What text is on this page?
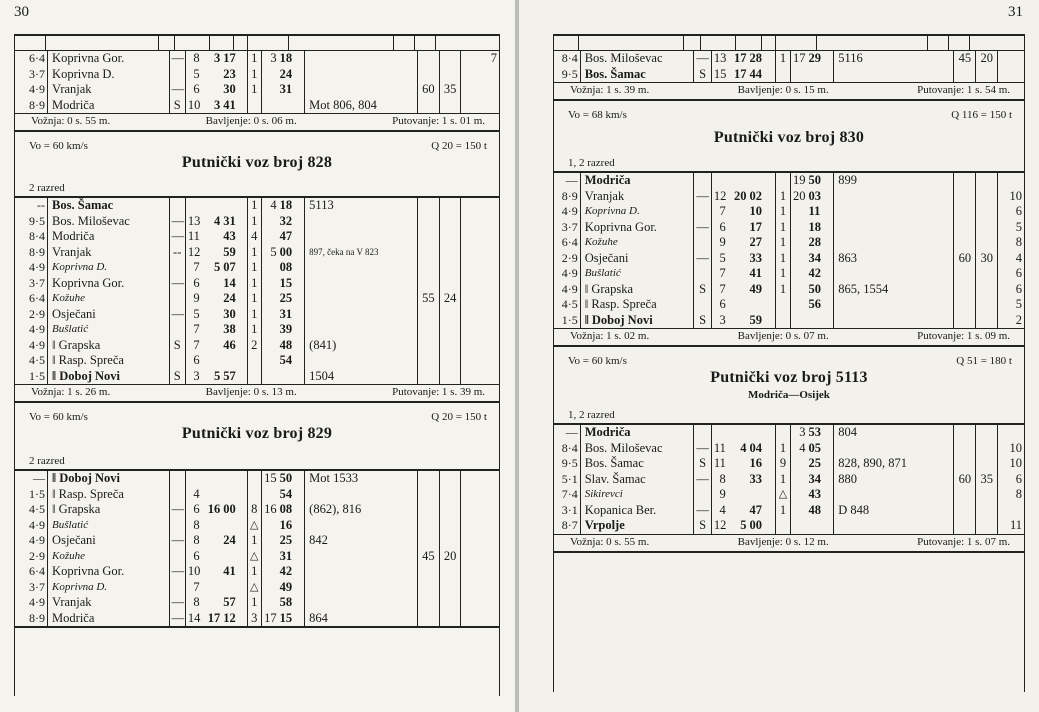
30
6·4	Koprivna Gor.	—	8	3	17	1	3	18				7
3·7	Koprivna D.		5		23	1		24				
4·9	Vranjak	—	6		30	1		31		60	35	
8·9	Modriča	S	10	3	41				Mot 806, 804			
Vožnja: 0 s. 55 m.	Bavljenje: 0 s. 06 m.	Putovanje: 1 s. 01 m.
Vo = 60 km/s	Q 20 = 150 t
Putnički voz broj 828
2 razred
--	Bos. Šamac					1	4	18	5113			
9·5	Bos. Miloševac	—	13	4	31	1		32				
8·4	Modriča	—	11		43	4		47				
8·9	Vranjak	--	12		59	1	5	00	897, čeka na V 823			
4·9	Koprivna D.		7	5	07	1		08				
3·7	Koprivna Gor.	—	6		14	1		15				
6·4	Kožuhe		9		24	1		25		55	24	
2·9	Osječani	—	5		30	1		31				
4·9	Bušlatić		7		38	1		39				
4·9	‖ Grapska	S	7		46	2		48	(841)			
4·5	‖ Rasp. Spreča		6					54				
1·5	‖ Doboj Novi	S	3	5	57				1504			
Vožnja: 1 s. 26 m.	Bavljenje: 0 s. 13 m.	Putovanje: 1 s. 39 m.
Vo = 60 km/s	Q 20 = 150 t
Putnički voz broj 829
2 razred
—	‖ Doboj Novi						15	50	Mot 1533			
1·5	‖ Rasp. Spreča		4					54				
4·5	‖ Grapska	—	6	16	00	8	16	08	(862), 816			
4·9	Bušlatić		8			△		16				
4·9	Osječani	—	8		24	1		25	842			
2·9	Kožuhe		6			△		31		45	20	
6·4	Koprivna Gor.	—	10		41	1		42				
3·7	Koprivna D.		7			△		49				
4·9	Vranjak	—	8		57	1		58				
8·9	Modriča	—	14	17	12	3	17	15	864			
31
8·4	Bos. Miloševac	—	13	17	28	1	17	29	5116	45	20	
9·5	Bos. Šamac	S	15	17	44							
Vožnja: 1 s. 39 m.	Bavljenje: 0 s. 15 m.	Putovanje: 1 s. 54 m.
Vo = 68 km/s	Q 116 = 150 t
Putnički voz broj 830
1, 2 razred
—	Modriča						19	50	899			
8·9	Vranjak	—	12	20	02	1	20	03				10
4·9	Koprivna D.		7		10	1		11				6
3·7	Koprivna Gor.	—	6		17	1		18				5
6·4	Kožuhe		9		27	1		28				8
2·9	Osječani	—	5		33	1		34	863	60	30	4
4·9	Bušlatić		7		41	1		42				6
4·9	‖ Grapska	S	7		49	1		50	865, 1554			6
4·5	‖ Rasp. Spreča		6					56				5
1·5	‖ Doboj Novi	S	3		59							2
Vožnja: 1 s. 02 m.	Bavljenje: 0 s. 07 m.	Putovanje: 1 s. 09 m.
Vo = 60 km/s	Q 51 = 180 t
Putnički voz broj 5113
Modriča—Osijek
1, 2 razred
—	Modriča						3	53	804			
8·4	Bos. Miloševac	—	11	4	04	1	4	05				10
9·5	Bos. Šamac	S	11		16	9		25	828, 890, 871			10
5·1	Slav. Šamac	—	8		33	1		34	880	60	35	6
7·4	Sikirevci		9			△		43				8
3·1	Kopanica Ber.	—	4		47	1		48	D 848			
8·7	Vrpolje	S	12	5	00							11
Vožnja: 0 s. 55 m.	Bavljenje: 0 s. 12 m.	Putovanje: 1 s. 07 m.
